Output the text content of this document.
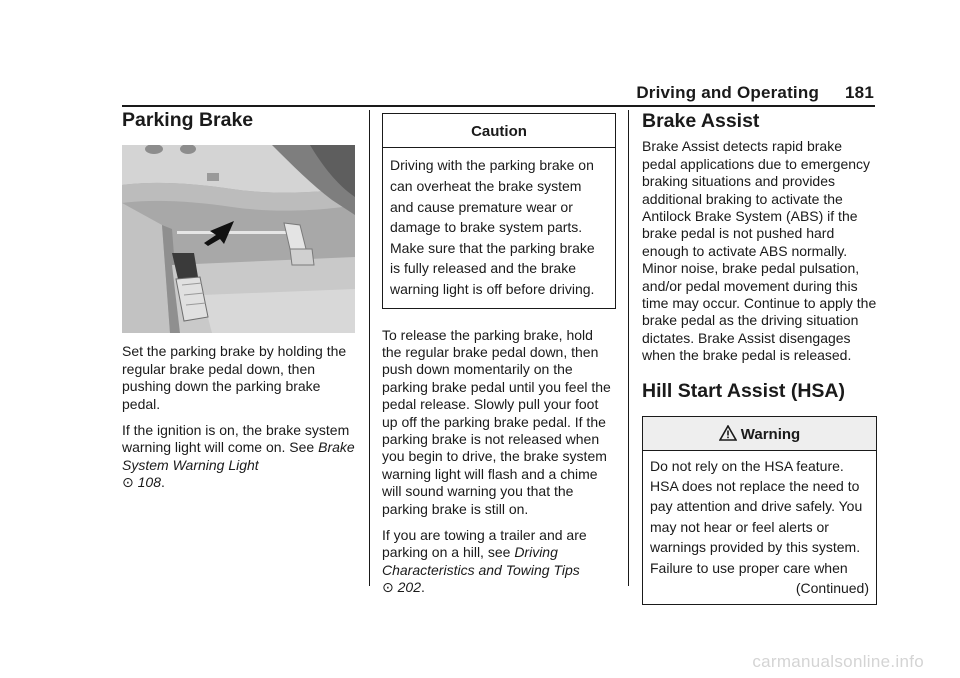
Driving and Operating 181
Parking Brake

Set the parking brake by holding the regular brake pedal down, then pushing down the parking brake pedal.

If the ignition is on, the brake system warning light will come on. See Brake System Warning Light
⊙ 108.

Caution
Driving with the parking brake on can overheat the brake system and cause premature wear or damage to brake system parts. Make sure that the parking brake is fully released and the brake warning light is off before driving.

To release the parking brake, hold the regular brake pedal down, then push down momentarily on the parking brake pedal until you feel the pedal release. Slowly pull your foot up off the parking brake pedal. If the parking brake is not released when you begin to drive, the brake system warning light will flash and a chime will sound warning you that the parking brake is still on.

If you are towing a trailer and are parking on a hill, see Driving Characteristics and Towing Tips
⊙ 202.

Brake Assist

Brake Assist detects rapid brake pedal applications due to emergency braking situations and provides additional braking to activate the Antilock Brake System (ABS) if the brake pedal is not pushed hard enough to activate ABS normally. Minor noise, brake pedal pulsation, and/or pedal movement during this time may occur. Continue to apply the brake pedal as the driving situation dictates. Brake Assist disengages when the brake pedal is released.

Hill Start Assist (HSA)
Warning
Do not rely on the HSA feature. HSA does not replace the need to pay attention and drive safely. You may not hear or feel alerts or warnings provided by this system. Failure to use proper care when
(Continued)
carmanualsonline.info
